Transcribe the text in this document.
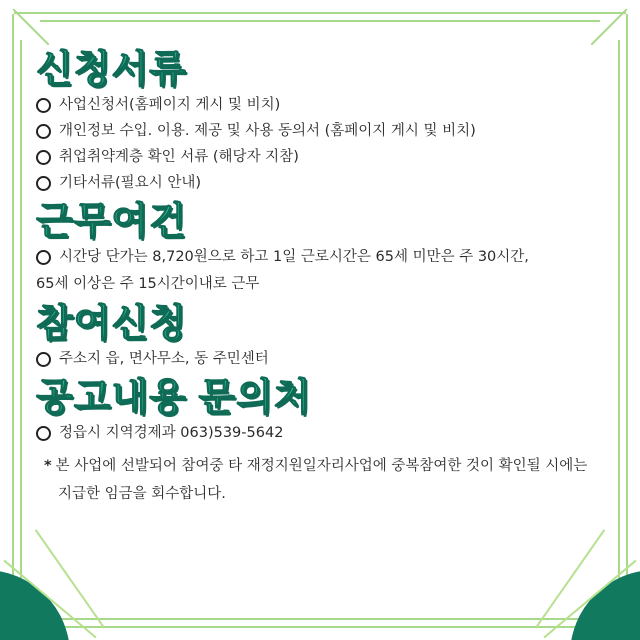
신청서류
사업신청서(홈페이지 게시 및 비치)
개인정보 수입. 이용. 제공 및 사용 동의서 (홈페이지 게시 및 비치)
취업취약계층 확인 서류 (해당자 지참)
기타서류(필요시 안내)
근무여건
시간당 단가는 8,720원으로 하고 1일 근로시간은 65세 미만은 주 30시간,
65세 이상은 주 15시간이내로 근무
참여신청
주소지 읍, 면사무소, 동 주민센터
공고내용 문의처
정읍시 지역경제과 063)539-5642
* 본 사업에 선발되어 참여중 타 재정지원일자리사업에 중복참여한 것이 확인될 시에는
지급한 임금을 회수합니다.
